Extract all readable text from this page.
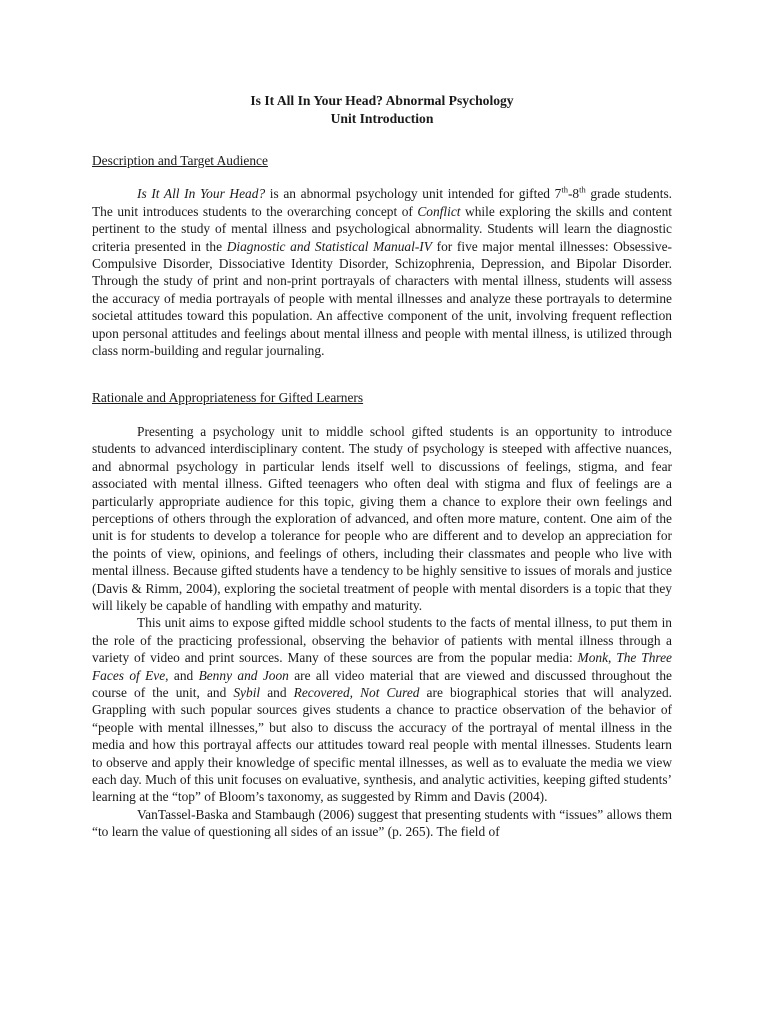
Is It All In Your Head? Abnormal Psychology

Unit Introduction

Description and Target Audience

Is It All In Your Head? is an abnormal psychology unit intended for gifted 7th-8th grade students. The unit introduces students to the overarching concept of Conflict while exploring the skills and content pertinent to the study of mental illness and psychological abnormality. Students will learn the diagnostic criteria presented in the Diagnostic and Statistical Manual-IV for five major mental illnesses: Obsessive-Compulsive Disorder, Dissociative Identity Disorder, Schizophrenia, Depression, and Bipolar Disorder. Through the study of print and non-print portrayals of characters with mental illness, students will assess the accuracy of media portrayals of people with mental illnesses and analyze these portrayals to determine societal attitudes toward this population. An affective component of the unit, involving frequent reflection upon personal attitudes and feelings about mental illness and people with mental illness, is utilized through class norm-building and regular journaling.

Rationale and Appropriateness for Gifted Learners

Presenting a psychology unit to middle school gifted students is an opportunity to introduce students to advanced interdisciplinary content. The study of psychology is steeped with affective nuances, and abnormal psychology in particular lends itself well to discussions of feelings, stigma, and fear associated with mental illness. Gifted teenagers who often deal with stigma and flux of feelings are a particularly appropriate audience for this topic, giving them a chance to explore their own feelings and perceptions of others through the exploration of advanced, and often more mature, content. One aim of the unit is for students to develop a tolerance for people who are different and to develop an appreciation for the points of view, opinions, and feelings of others, including their classmates and people who live with mental illness. Because gifted students have a tendency to be highly sensitive to issues of morals and justice (Davis & Rimm, 2004), exploring the societal treatment of people with mental disorders is a topic that they will likely be capable of handling with empathy and maturity.

This unit aims to expose gifted middle school students to the facts of mental illness, to put them in the role of the practicing professional, observing the behavior of patients with mental illness through a variety of video and print sources. Many of these sources are from the popular media: Monk, The Three Faces of Eve, and Benny and Joon are all video material that are viewed and discussed throughout the course of the unit, and Sybil and Recovered, Not Cured are biographical stories that will analyzed. Grappling with such popular sources gives students a chance to practice observation of the behavior of “people with mental illnesses,” but also to discuss the accuracy of the portrayal of mental illness in the media and how this portrayal affects our attitudes toward real people with mental illnesses. Students learn to observe and apply their knowledge of specific mental illnesses, as well as to evaluate the media we view each day. Much of this unit focuses on evaluative, synthesis, and analytic activities, keeping gifted students’ learning at the “top” of Bloom’s taxonomy, as suggested by Rimm and Davis (2004).

VanTassel-Baska and Stambaugh (2006) suggest that presenting students with “issues” allows them “to learn the value of questioning all sides of an issue” (p. 265). The field of
